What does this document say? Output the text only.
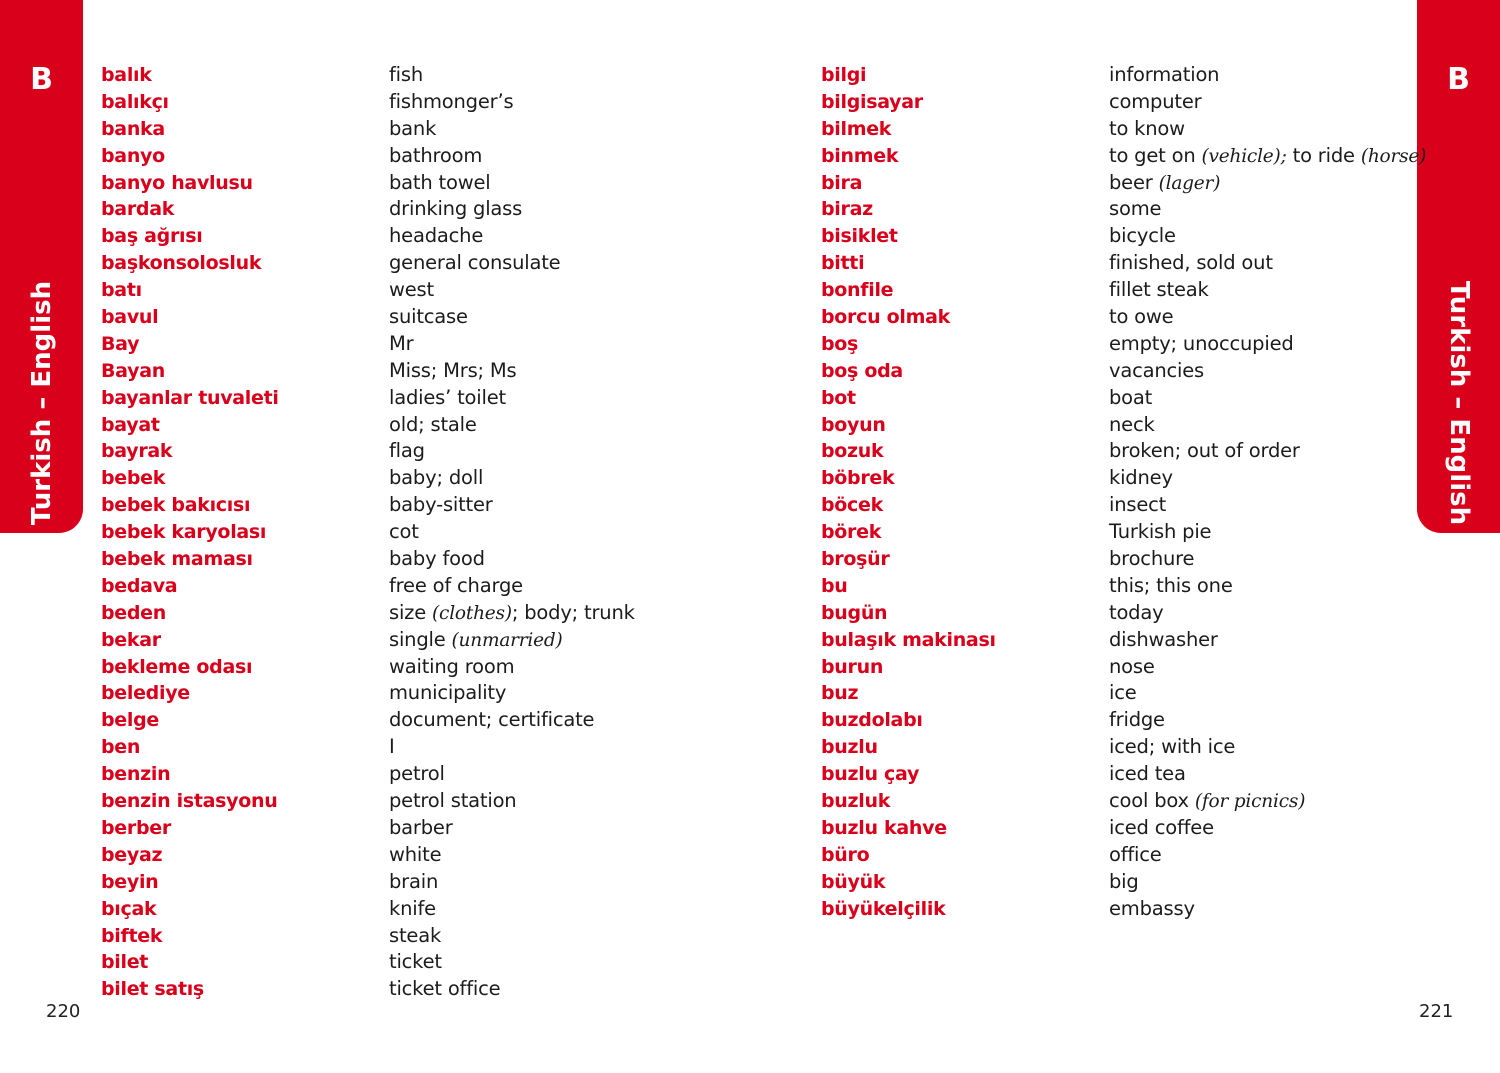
B
Turkish – English
B
Turkish – English
balık	fish
balıkçı	fishmonger’s
banka	bank
banyo	bathroom
banyo havlusu	bath towel
bardak	drinking glass
baş ağrısı	headache
başkonsolosluk	general consulate
batı	west
bavul	suitcase
Bay	Mr
Bayan	Miss; Mrs; Ms
bayanlar tuvaleti	ladies’ toilet
bayat	old; stale
bayrak	flag
bebek	baby; doll
bebek bakıcısı	baby-sitter
bebek karyolası	cot
bebek maması	baby food
bedava	free of charge
beden	size (clothes); body; trunk
bekar	single (unmarried)
bekleme odası	waiting room
belediye	municipality
belge	document; certificate
ben	I
benzin	petrol
benzin istasyonu	petrol station
berber	barber
beyaz	white
beyin	brain
bıçak	knife
biftek	steak
bilet	ticket
bilet satış	ticket office
bilgi	information
bilgisayar	computer
bilmek	to know
binmek	to get on (vehicle); to ride (horse)
bira	beer (lager)
biraz	some
bisiklet	bicycle
bitti	finished, sold out
bonfile	fillet steak
borcu olmak	to owe
boş	empty; unoccupied
boş oda	vacancies
bot	boat
boyun	neck
bozuk	broken; out of order
böbrek	kidney
böcek	insect
börek	Turkish pie
broşür	brochure
bu	this; this one
bugün	today
bulaşık makinası	dishwasher
burun	nose
buz	ice
buzdolabı	fridge
buzlu	iced; with ice
buzlu çay	iced tea
buzluk	cool box (for picnics)
buzlu kahve	iced coffee
büro	office
büyük	big
büyükelçilik	embassy
220	221
